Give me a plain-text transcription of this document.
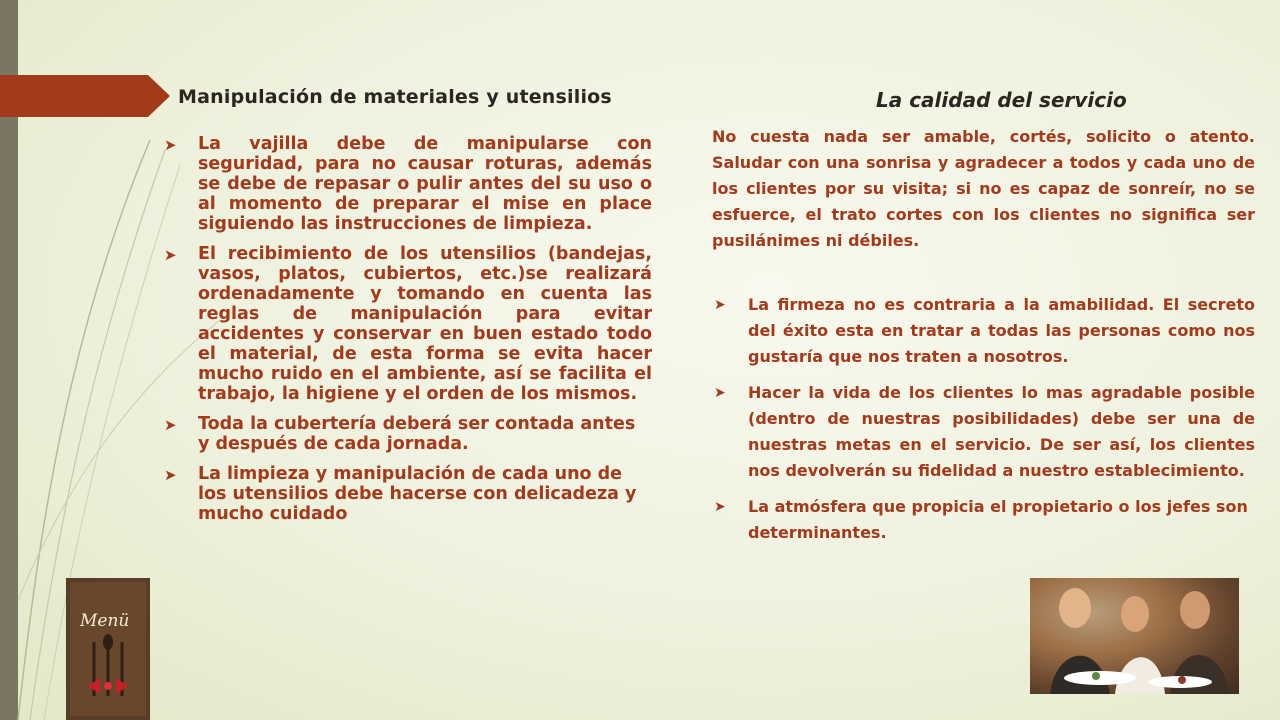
Manipulación de materiales y utensilios
➤ La vajilla debe de manipularse con seguridad, para no causar roturas, además se debe de repasar o pulir antes del su uso o al momento de preparar el mise en place siguiendo las instrucciones de limpieza.
➤ El recibimiento de los utensilios (bandejas, vasos, platos, cubiertos, etc.)se realizará ordenadamente y tomando en cuenta las reglas de manipulación para evitar accidentes y conservar en buen estado todo el material, de esta forma se evita hacer mucho ruido en el ambiente, así se facilita el trabajo, la higiene y el orden de los mismos.
➤ Toda la cubertería deberá ser contada antes y después de cada jornada.
➤ La limpieza y manipulación de cada uno de los utensilios debe hacerse con delicadeza y mucho cuidado
La calidad del servicio

No cuesta nada ser amable, cortés, solicito o atento. Saludar con una sonrisa y agradecer a todos y cada uno de los clientes por su visita; si no es capaz de sonreír, no se esfuerce, el trato cortes con los clientes no significa ser pusilánimes ni débiles.

➤ La firmeza no es contraria a la amabilidad. El secreto del éxito esta en tratar a todas las personas como nos gustaría que nos traten a nosotros.
➤ Hacer la vida de los clientes lo mas agradable posible (dentro de nuestras posibilidades) debe ser una de nuestras metas en el servicio. De ser así, los clientes nos devolverán su fidelidad a nuestro establecimiento.
➤ La atmósfera que propicia el propietario o los jefes son determinantes.
Menü
